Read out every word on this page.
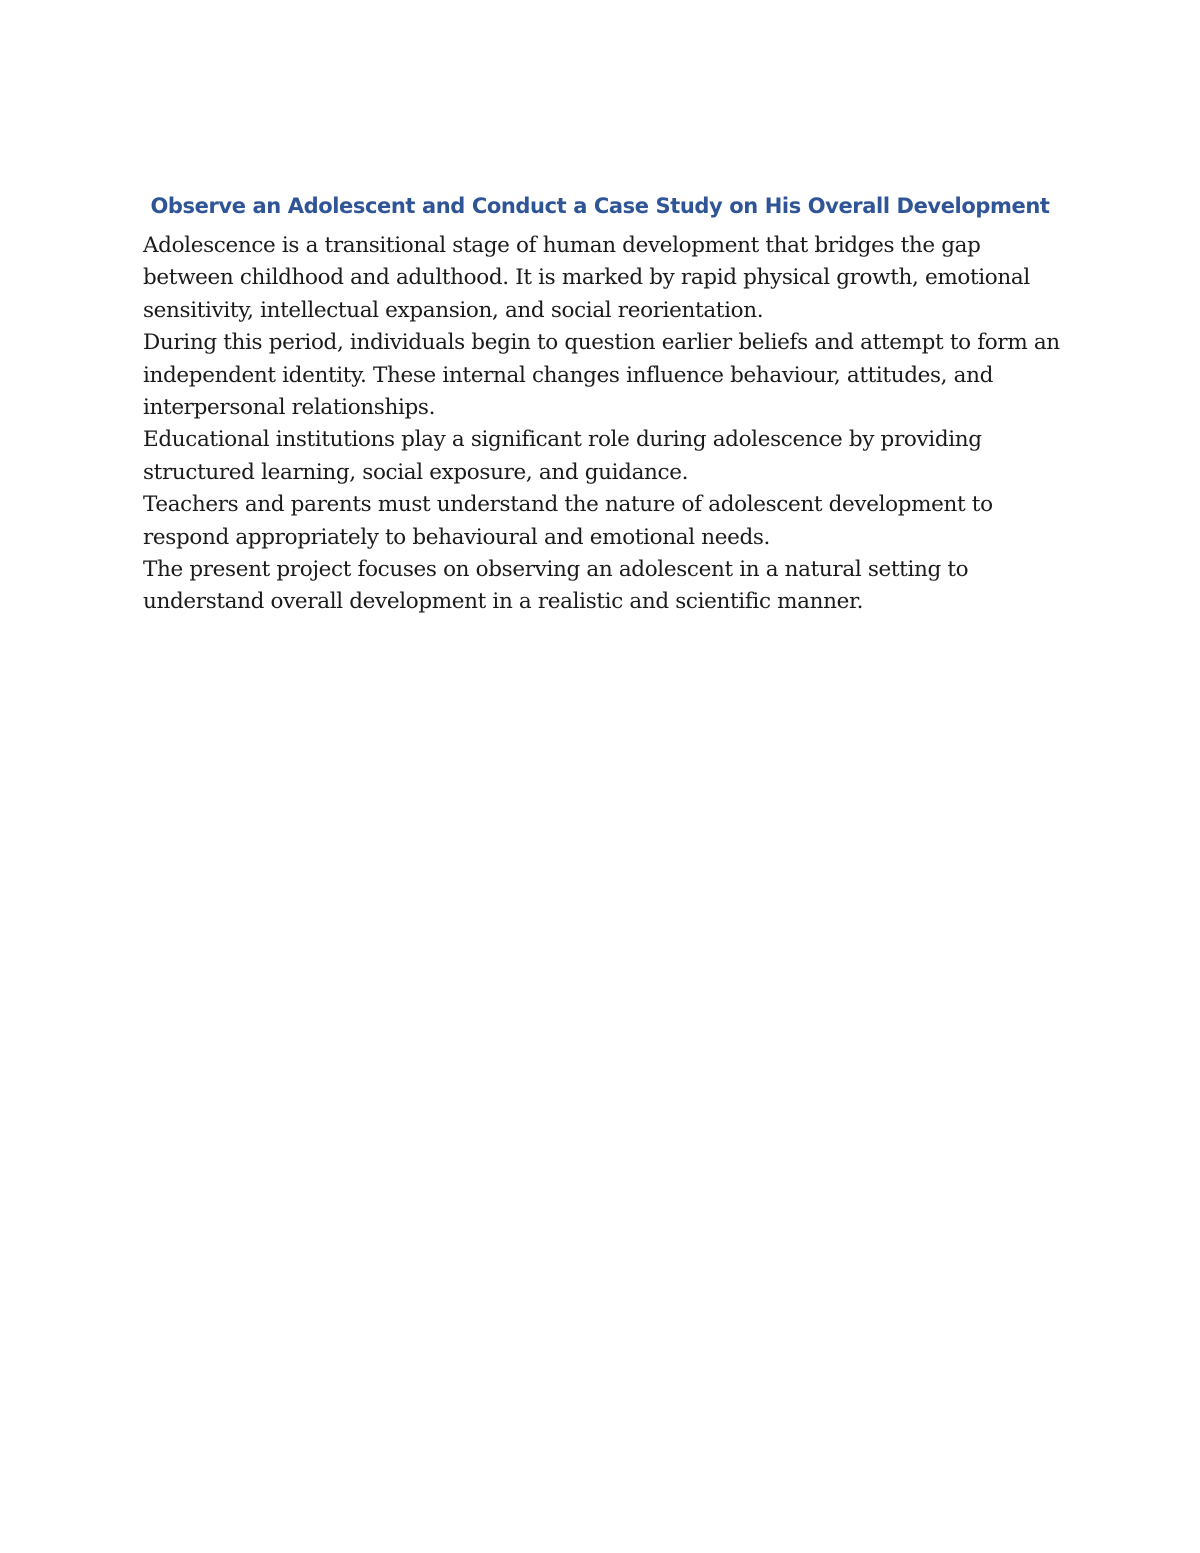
Observe an Adolescent and Conduct a Case Study on His Overall Development

Adolescence is a transitional stage of human development that bridges the gap between childhood and adulthood. It is marked by rapid physical growth, emotional sensitivity, intellectual expansion, and social reorientation.

During this period, individuals begin to question earlier beliefs and attempt to form an independent identity. These internal changes influence behaviour, attitudes, and interpersonal relationships.

Educational institutions play a significant role during adolescence by providing structured learning, social exposure, and guidance.

Teachers and parents must understand the nature of adolescent development to respond appropriately to behavioural and emotional needs.

The present project focuses on observing an adolescent in a natural setting to understand overall development in a realistic and scientific manner.
